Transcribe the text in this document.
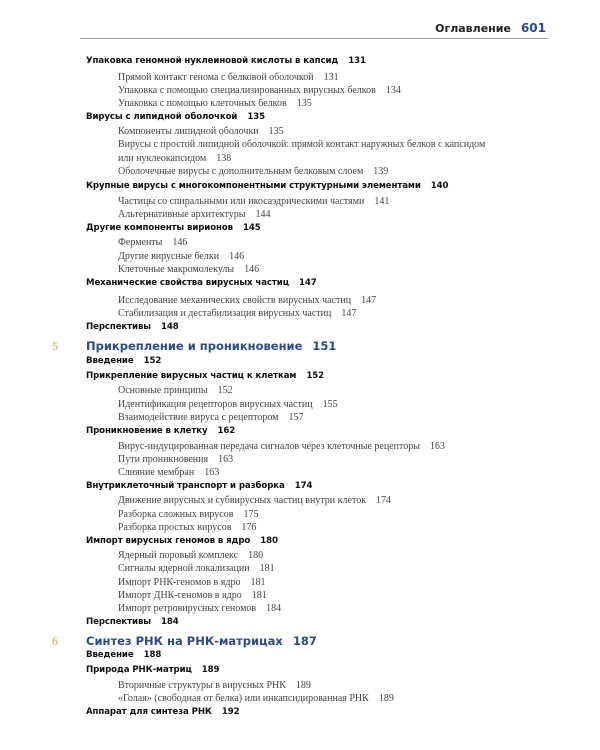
Оглавление 601
Упаковка геномной нуклеиновой кислоты в капсид 131
Прямой контакт генома с белковой оболочкой 131
Упаковка с помощью специализированных вирусных белков 134
Упаковка с помощью клеточных белков 135
Вирусы с липидной оболочкой 135
Компоненты липидной оболочки 135
Вирусы с простой липидной оболочкой: прямой контакт наружных белков с капсидом или нуклеокапсидом 138
Оболочечные вирусы с дополнительным белковым слоем 139
Крупные вирусы с многокомпонентными структурными элементами 140
Частицы со спиральными или икосаэдрическими частями 141
Альтернативные архитектуры 144
Другие компоненты вирионов 145
Ферменты 146
Другие вирусные белки 146
Клеточные макромолекулы 146
Механические свойства вирусных частиц 147
Исследование механических свойств вирусных частиц 147
Стабилизация и дестабилизация вирусных частиц 147
Перспективы 148
5 Прикрепление и проникновение 151
Введение 152
Прикрепление вирусных частиц к клеткам 152
Основные принципы 152
Идентификация рецепторов вирусных частиц 155
Взаимодействие вируса с рецептором 157
Проникновение в клетку 162
Вирус-индуцированная передача сигналов через клеточные рецепторы 163
Пути проникновения 163
Слияние мембран 163
Внутриклеточный транспорт и разборка 174
Движение вирусных и субвирусных частиц внутри клеток 174
Разборка сложных вирусов 175
Разборка простых вирусов 176
Импорт вирусных геномов в ядро 180
Ядерный поровый комплекс 180
Сигналы ядерной локализации 181
Импорт РНК-геномов в ядро 181
Импорт ДНК-геномов в ядро 181
Импорт ретровирусных геномов 184
Перспективы 184
6 Синтез РНК на РНК-матрицах 187
Введение 188
Природа РНК-матриц 189
Вторичные структуры в вирусных РНК 189
«Голая» (свободная от белка) или инкапсидированная РНК 189
Аппарат для синтеза РНК 192
